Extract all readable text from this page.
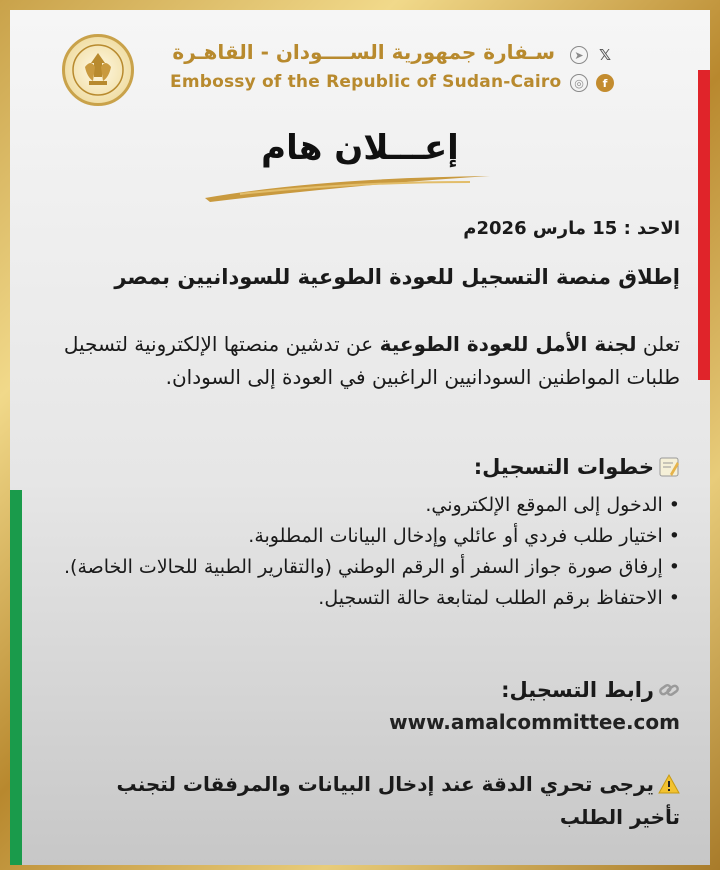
سـفارة جمهورية الســــودان - القاهـرة
Embossy of the Republic of Sudan-Cairo
➤ 𝕏
◎	f
إعـــلان هام
الاحد : 15 مارس 2026م
إطلاق منصة التسجيل للعودة الطوعية للسودانيين بمصر
تعلن لجنة الأمل للعودة الطوعية عن تدشين منصتها الإلكترونية لتسجيل طلبات المواطنين السودانيين الراغبين في العودة إلى السودان.
خطوات التسجيل:
• الدخول إلى الموقع الإلكتروني.
• اختيار طلب فردي أو عائلي وإدخال البيانات المطلوبة.
• إرفاق صورة جواز السفر أو الرقم الوطني (والتقارير الطبية للحالات الخاصة).
• الاحتفاظ برقم الطلب لمتابعة حالة التسجيل.
رابط التسجيل:
www.amalcommittee.com
يرجى تحري الدقة عند إدخال البيانات والمرفقات لتجنب تأخير الطلب
